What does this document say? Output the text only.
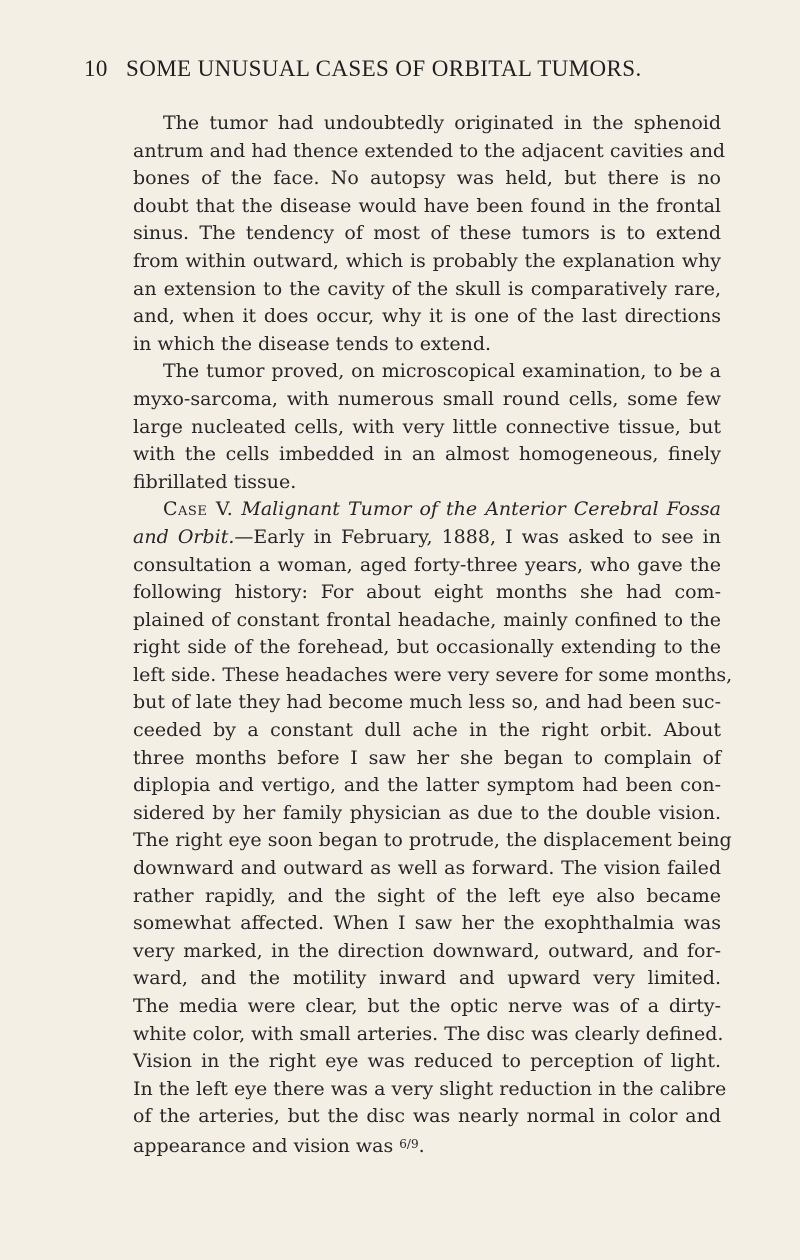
10 SOME UNUSUAL CASES OF ORBITAL TUMORS.
The tumor had undoubtedly originated in the sphenoid
antrum and had thence extended to the adjacent cavities and
bones of the face. No autopsy was held, but there is no
doubt that the disease would have been found in the frontal
sinus. The tendency of most of these tumors is to extend
from within outward, which is probably the explanation why
an extension to the cavity of the skull is comparatively rare,
and, when it does occur, why it is one of the last directions
in which the disease tends to extend.
The tumor proved, on microscopical examination, to be a
myxo-sarcoma, with numerous small round cells, some few
large nucleated cells, with very little connective tissue, but
with the cells imbedded in an almost homogeneous, finely
fibrillated tissue.
Case V. Malignant Tumor of the Anterior Cerebral Fossa
and Orbit.—Early in February, 1888, I was asked to see in
consultation a woman, aged forty-three years, who gave the
following history: For about eight months she had com-
plained of constant frontal headache, mainly confined to the
right side of the forehead, but occasionally extending to the
left side. These headaches were very severe for some months,
but of late they had become much less so, and had been suc-
ceeded by a constant dull ache in the right orbit. About
three months before I saw her she began to complain of
diplopia and vertigo, and the latter symptom had been con-
sidered by her family physician as due to the double vision.
The right eye soon began to protrude, the displacement being
downward and outward as well as forward. The vision failed
rather rapidly, and the sight of the left eye also became
somewhat affected. When I saw her the exophthalmia was
very marked, in the direction downward, outward, and for-
ward, and the motility inward and upward very limited.
The media were clear, but the optic nerve was of a dirty-
white color, with small arteries. The disc was clearly defined.
Vision in the right eye was reduced to perception of light.
In the left eye there was a very slight reduction in the calibre
of the arteries, but the disc was nearly normal in color and
appearance and vision was $^{6/9}$.
